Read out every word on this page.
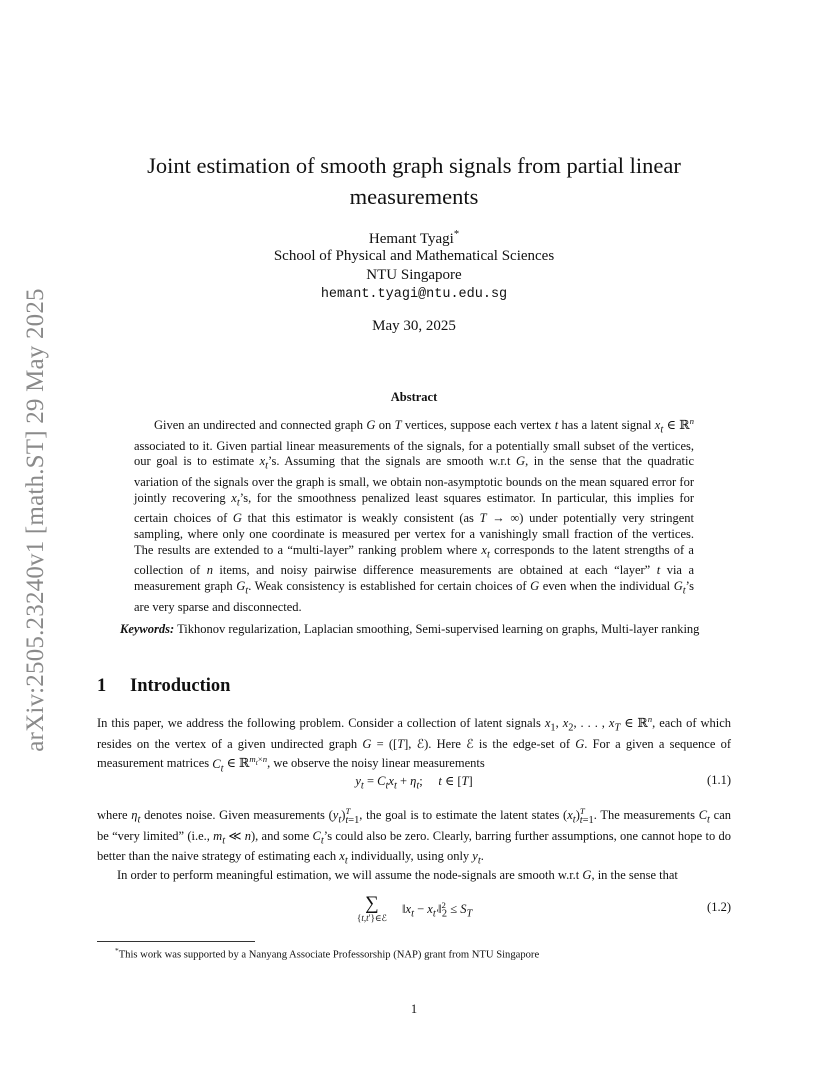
arXiv:2505.23240v1 [math.ST] 29 May 2025
Joint estimation of smooth graph signals from partial linear measurements
Hemant Tyagi*
School of Physical and Mathematical Sciences
NTU Singapore
hemant.tyagi@ntu.edu.sg
May 30, 2025
Abstract
Given an undirected and connected graph G on T vertices, suppose each vertex t has a latent signal $x_t$ ∈ ℝ$^n$ associated to it. Given partial linear measurements of the signals, for a potentially small subset of the vertices, our goal is to estimate $x_t’s$. Assuming that the signals are smooth w.r.t G, in the sense that the quadratic variation of the signals over the graph is small, we obtain non-asymptotic bounds on the mean squared error for jointly recovering $x_t’s$, for the smoothness penalized least squares estimator. In particular, this implies for certain choices of G that this estimator is weakly consistent (as T → ∞) under potentially very stringent sampling, where only one coordinate is measured per vertex for a vanishingly small fraction of the vertices. The results are extended to a “multi-layer” ranking problem where $x_t$ corresponds to the latent strengths of a collection of n items, and noisy pairwise difference measurements are obtained at each “layer” t via a measurement graph $G_t$. Weak consistency is established for certain choices of G even when the individual $G_t’s$ are very sparse and disconnected.
Keywords: Tikhonov regularization, Laplacian smoothing, Semi-supervised learning on graphs, Multi-layer ranking
1 Introduction
In this paper, we address the following problem. Consider a collection of latent signals $x_1$, $x_2$, . . . , $x_T$ ∈ ℝ$^n$, each of which resides on the vertex of a given undirected graph G = ([T], ℰ). Here ℰ is the edge-set of G. For a given a sequence of measurement matrices $C_t$ ∈ ℝ$^{m_t\times n}$, we observe the noisy linear measurements
$y_t = C_tx_t + \eta_t$;     t ∈ [T]	(1.1)
where $\eta_t$ denotes noise. Given measurements $(y_t)^T_{t=1}$, the goal is to estimate the latent states $(x_t)^T_{t=1}$. The measurements $C_t$ can be “very limited” (i.e., $m_t$ ≪ n), and some $C_t’s$ could also be zero. Clearly, barring further assumptions, one cannot hope to do better than the naive strategy of estimating each $x_t$ individually, using only $y_t$.
In order to perform meaningful estimation, we will assume the node-signals are smooth w.r.t G, in the sense that
∑
{t,t′}∈ℰ
$‖x_t$ − $x_{t'}‖^2_2 \le S_T$
(1.2)
*This work was supported by a Nanyang Associate Professorship (NAP) grant from NTU Singapore
1
